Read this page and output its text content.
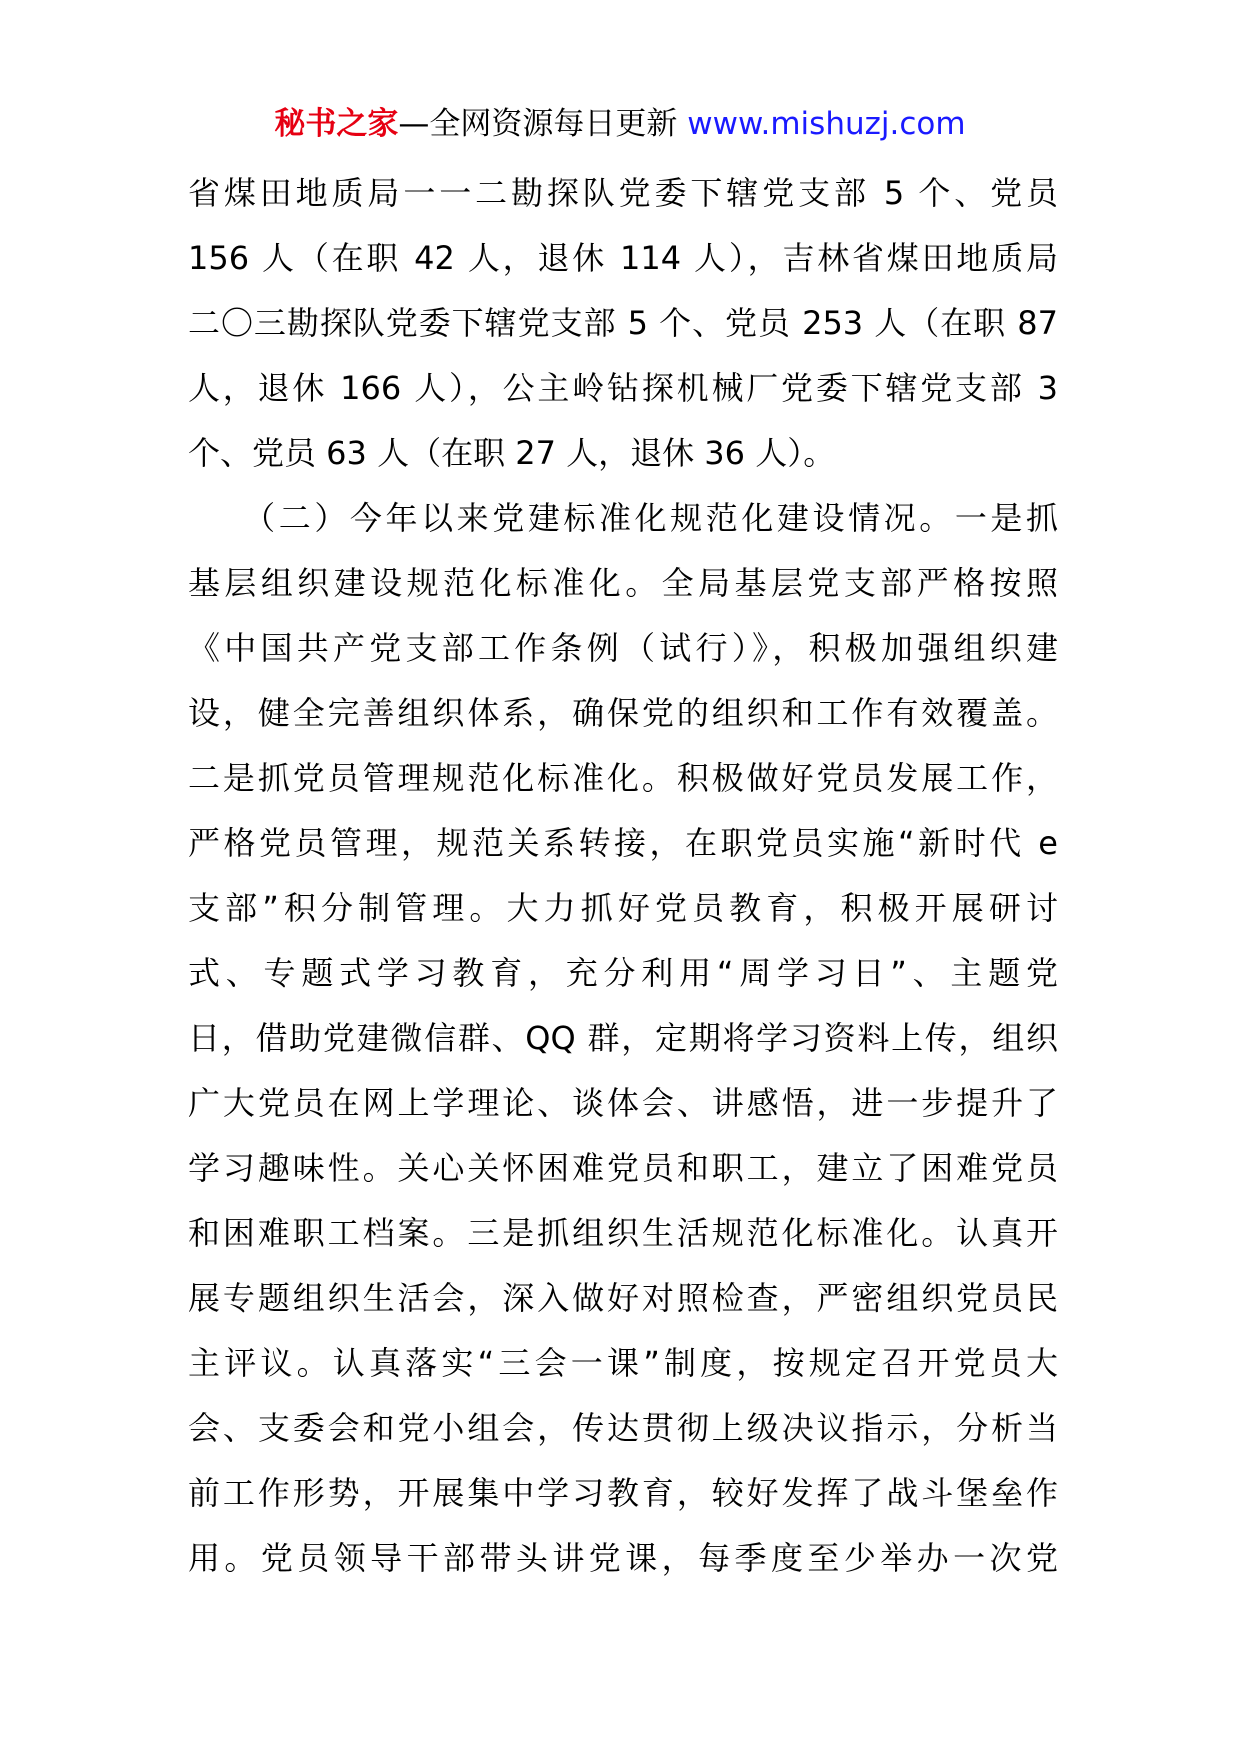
秘书之家—全网资源每日更新 www.mishuzj.com
省煤田地质局一一二勘探队党委下辖党支部 5 个、党员
156 人（在职 42 人，退休 114 人），吉林省煤田地质局
二〇三勘探队党委下辖党支部 5 个、党员 253 人（在职 87
人，退休 166 人），公主岭钻探机械厂党委下辖党支部 3
个、党员 63 人（在职 27 人，退休 36 人）。
　　（二）今年以来党建标准化规范化建设情况。一是抓
基层组织建设规范化标准化。全局基层党支部严格按照
《中国共产党支部工作条例（试行）》，积极加强组织建
设，健全完善组织体系，确保党的组织和工作有效覆盖。
二是抓党员管理规范化标准化。积极做好党员发展工作，
严格党员管理，规范关系转接，在职党员实施“新时代 e
支部”积分制管理。大力抓好党员教育，积极开展研讨
式、专题式学习教育，充分利用“周学习日”、主题党
日，借助党建微信群、QQ 群，定期将学习资料上传，组织
广大党员在网上学理论、谈体会、讲感悟，进一步提升了
学习趣味性。关心关怀困难党员和职工，建立了困难党员
和困难职工档案。三是抓组织生活规范化标准化。认真开
展专题组织生活会，深入做好对照检查，严密组织党员民
主评议。认真落实“三会一课”制度，按规定召开党员大
会、支委会和党小组会，传达贯彻上级决议指示，分析当
前工作形势，开展集中学习教育，较好发挥了战斗堡垒作
用。党员领导干部带头讲党课，每季度至少举办一次党
